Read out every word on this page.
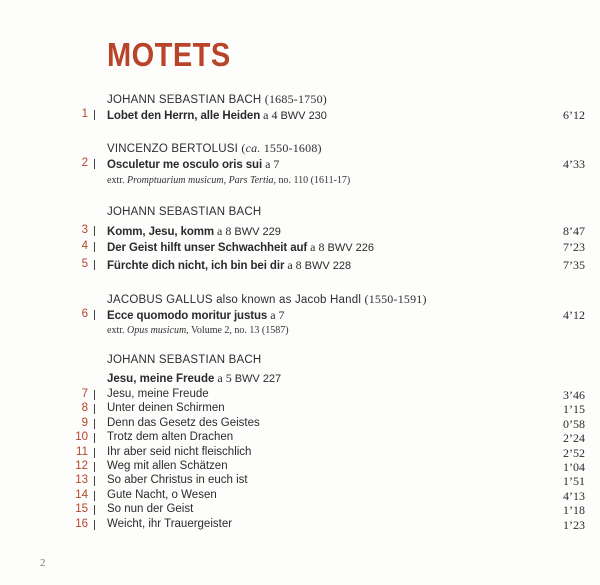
MOTETS
JOHANN SEBASTIAN BACH (1685-1750)
1 Lobet den Herrn, alle Heiden a 4 BWV 230	6’12
VINCENZO BERTOLUSI (ca. 1550-1608)
2 Osculetur me osculo oris sui a 7	4’33
extr. Promptuarium musicum, Pars Tertia, no. 110 (1611-17)
JOHANN SEBASTIAN BACH
3 Komm, Jesu, komm a 8 BWV 229	8’47
4 Der Geist hilft unser Schwachheit auf a 8 BWV 226	7’23
5 Fürchte dich nicht, ich bin bei dir a 8 BWV 228	7’35
JACOBUS GALLUS also known as Jacob Handl (1550-1591)
6 Ecce quomodo moritur justus a 7	4’12
extr. Opus musicum, Volume 2, no. 13 (1587)
JOHANN SEBASTIAN BACH
Jesu, meine Freude a 5 BWV 227
7 Jesu, meine Freude	3’46
8 Unter deinen Schirmen	1’15
9 Denn das Gesetz des Geistes	0’58
10 Trotz dem alten Drachen	2’24
11 Ihr aber seid nicht fleischlich	2’52
12 Weg mit allen Schätzen	1’04
13 So aber Christus in euch ist	1’51
14 Gute Nacht, o Wesen	4’13
15 So nun der Geist	1’18
16 Weicht, ihr Trauergeister	1’23
2
